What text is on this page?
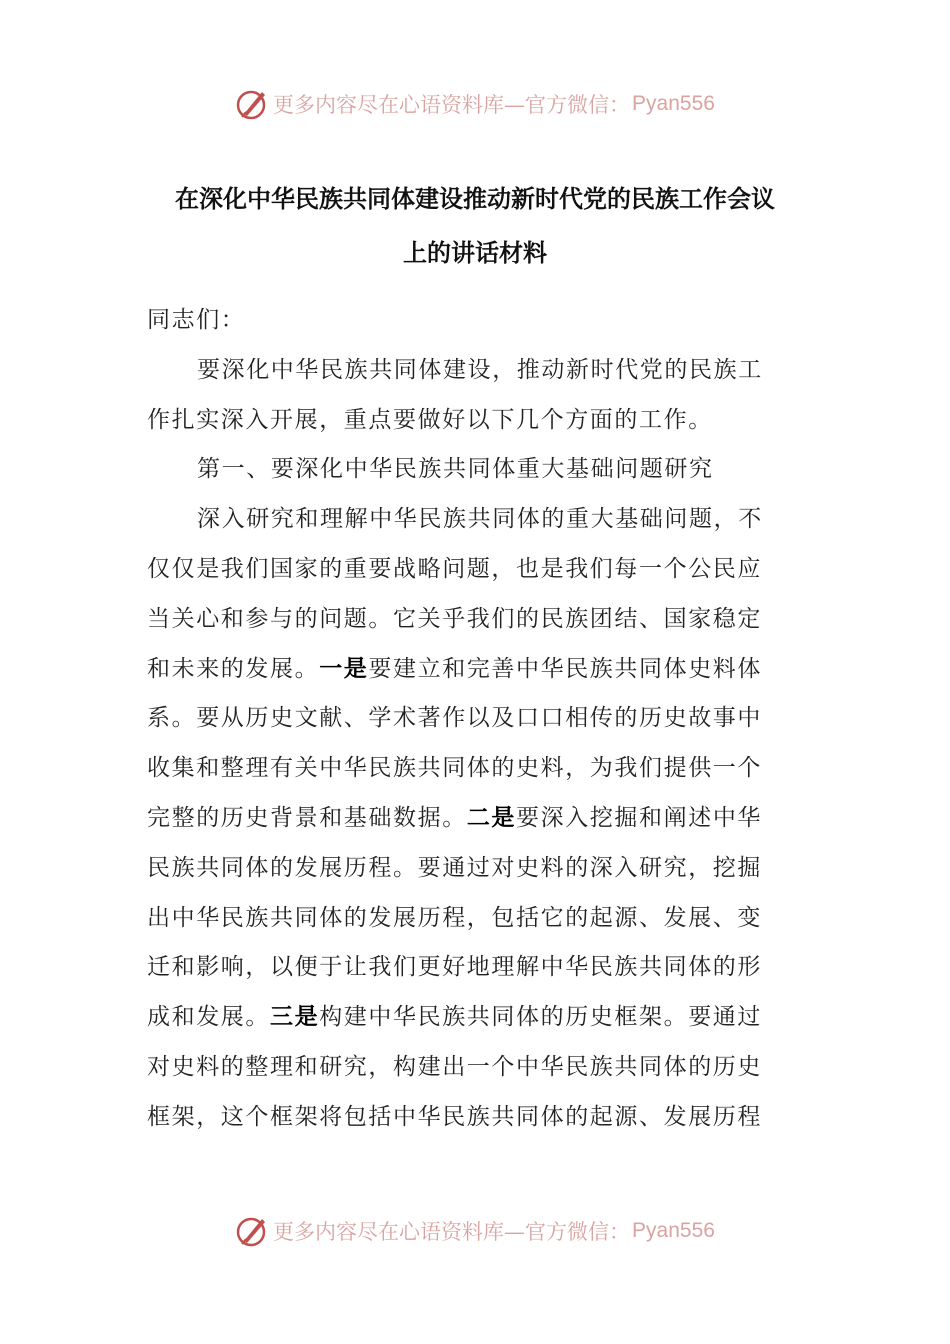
更多内容尽在心语资料库—官方微信： Pyan556
在深化中华民族共同体建设推动新时代党的民族工作会议
上的讲话材料
同志们：
要深化中华民族共同体建设，推动新时代党的民族工
作扎实深入开展，重点要做好以下几个方面的工作。
第一、要深化中华民族共同体重大基础问题研究
深入研究和理解中华民族共同体的重大基础问题，不
仅仅是我们国家的重要战略问题，也是我们每一个公民应
当关心和参与的问题。它关乎我们的民族团结、国家稳定
和未来的发展。一是要建立和完善中华民族共同体史料体
系。要从历史文献、学术著作以及口口相传的历史故事中
收集和整理有关中华民族共同体的史料，为我们提供一个
完整的历史背景和基础数据。二是要深入挖掘和阐述中华
民族共同体的发展历程。要通过对史料的深入研究，挖掘
出中华民族共同体的发展历程，包括它的起源、发展、变
迁和影响，以便于让我们更好地理解中华民族共同体的形
成和发展。三是构建中华民族共同体的历史框架。要通过
对史料的整理和研究，构建出一个中华民族共同体的历史
框架，这个框架将包括中华民族共同体的起源、发展历程
更多内容尽在心语资料库—官方微信： Pyan556
